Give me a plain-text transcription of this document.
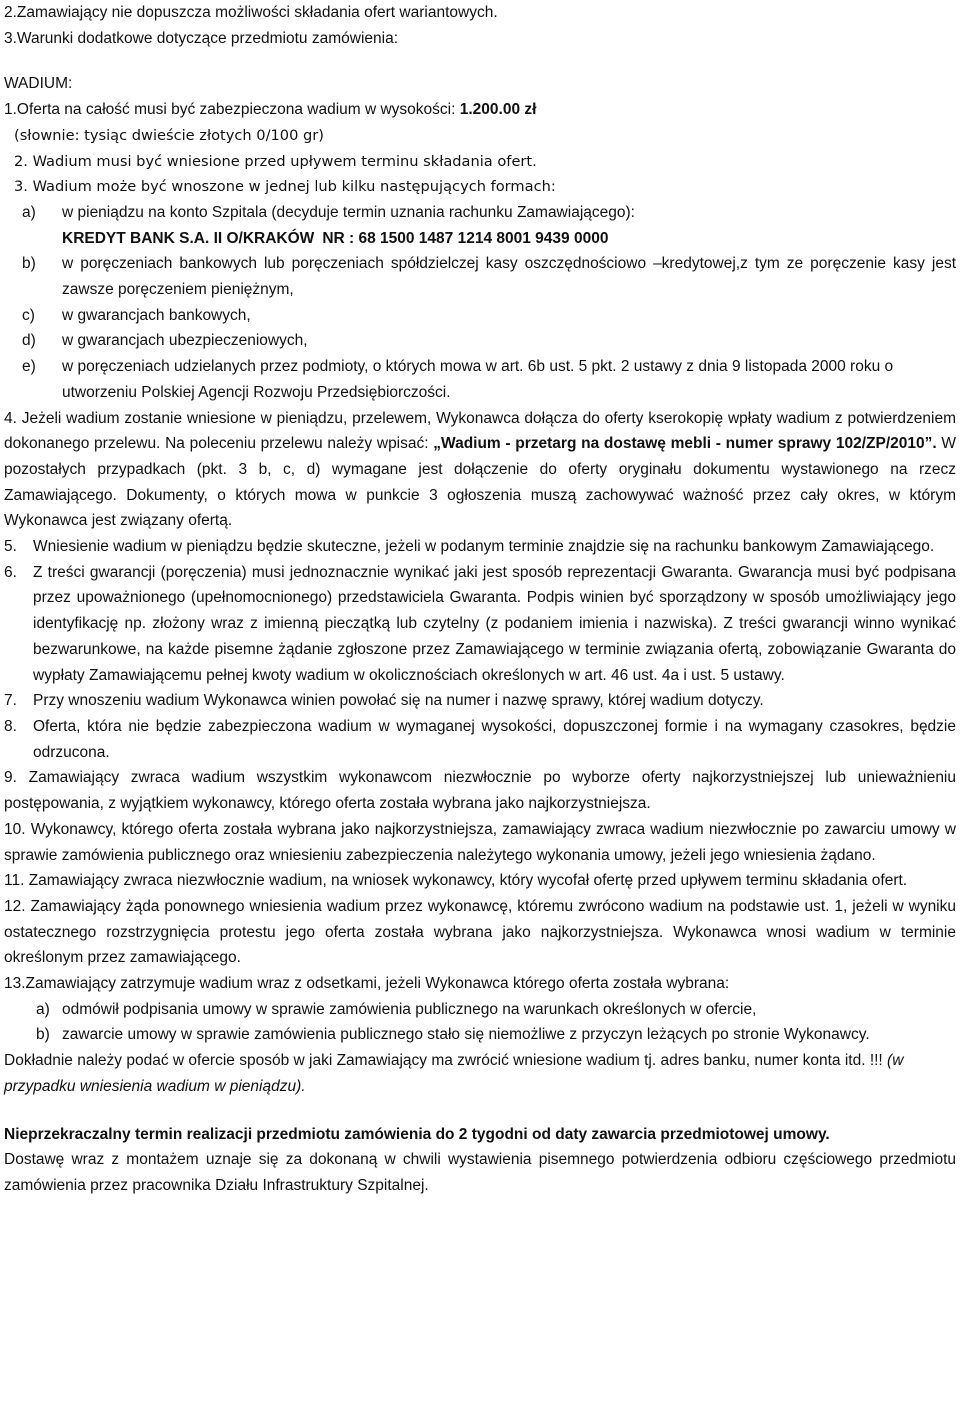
2.Zamawiający nie dopuszcza możliwości składania ofert wariantowych.

3.Warunki dodatkowe dotyczące przedmiotu zamówienia:

WADIUM:

1.Oferta na całość musi być zabezpieczona wadium w wysokości: 1.200.00 zł

(słownie: tysiąc dwieście złotych 0/100 gr)

2. Wadium musi być wniesione przed upływem terminu składania ofert.

3. Wadium może być wnoszone w jednej lub kilku następujących formach:

a)	w pieniądzu na konto Szpitala (decyduje termin uznania rachunku Zamawiającego):
KREDYT BANK S.A. II O/KRAKÓW NR : 68 1500 1487 1214 8001 9439 0000
b)	w poręczeniach bankowych lub poręczeniach spółdzielczej kasy oszczędnościowo –kredytowej,z tym ze poręczenie kasy jest zawsze poręczeniem pieniężnym,
c)	w gwarancjach bankowych,
d)	w gwarancjach ubezpieczeniowych,
e)	w poręczeniach udzielanych przez podmioty, o których mowa w art. 6b ust. 5 pkt. 2 ustawy z dnia 9 listopada 2000 roku o utworzeniu Polskiej Agencji Rozwoju Przedsiębiorczości.

4. Jeżeli wadium zostanie wniesione w pieniądzu, przelewem, Wykonawca dołącza do oferty kserokopię wpłaty wadium z potwierdzeniem dokonanego przelewu. Na poleceniu przelewu należy wpisać: „Wadium - przetarg na dostawę mebli - numer sprawy 102/ZP/2010”. W pozostałych przypadkach (pkt. 3 b, c, d) wymagane jest dołączenie do oferty oryginału dokumentu wystawionego na rzecz Zamawiającego. Dokumenty, o których mowa w punkcie 3 ogłoszenia muszą zachowywać ważność przez cały okres, w którym Wykonawca jest związany ofertą.

5.	Wniesienie wadium w pieniądzu będzie skuteczne, jeżeli w podanym terminie znajdzie się na rachunku bankowym Zamawiającego.
6.	Z treści gwarancji (poręczenia) musi jednoznacznie wynikać jaki jest sposób reprezentacji Gwaranta. Gwarancja musi być podpisana przez upoważnionego (upełnomocnionego) przedstawiciela Gwaranta. Podpis winien być sporządzony w sposób umożliwiający jego identyfikację np. złożony wraz z imienną pieczątką lub czytelny (z podaniem imienia i nazwiska). Z treści gwarancji winno wynikać bezwarunkowe, na każde pisemne żądanie zgłoszone przez Zamawiającego w terminie związania ofertą, zobowiązanie Gwaranta do wypłaty Zamawiającemu pełnej kwoty wadium w okolicznościach określonych w art. 46 ust. 4a i ust. 5 ustawy.
7.	Przy wnoszeniu wadium Wykonawca winien powołać się na numer i nazwę sprawy, której wadium dotyczy.
8.	Oferta, która nie będzie zabezpieczona wadium w wymaganej wysokości, dopuszczonej formie i na wymagany czasokres, będzie odrzucona.

9. Zamawiający zwraca wadium wszystkim wykonawcom niezwłocznie po wyborze oferty najkorzystniejszej lub unieważnieniu postępowania, z wyjątkiem wykonawcy, którego oferta została wybrana jako najkorzystniejsza.

10. Wykonawcy, którego oferta została wybrana jako najkorzystniejsza, zamawiający zwraca wadium niezwłocznie po zawarciu umowy w sprawie zamówienia publicznego oraz wniesieniu zabezpieczenia należytego wykonania umowy, jeżeli jego wniesienia żądano.

11. Zamawiający zwraca niezwłocznie wadium, na wniosek wykonawcy, który wycofał ofertę przed upływem terminu składania ofert.

12. Zamawiający żąda ponownego wniesienia wadium przez wykonawcę, któremu zwrócono wadium na podstawie ust. 1, jeżeli w wyniku ostatecznego rozstrzygnięcia protestu jego oferta została wybrana jako najkorzystniejsza. Wykonawca wnosi wadium w terminie określonym przez zamawiającego.

13.Zamawiający zatrzymuje wadium wraz z odsetkami, jeżeli Wykonawca którego oferta została wybrana:

a) odmówił podpisania umowy w sprawie zamówienia publicznego na warunkach określonych w ofercie,
b) zawarcie umowy w sprawie zamówienia publicznego stało się niemożliwe z przyczyn leżących po stronie Wykonawcy.

Dokładnie należy podać w ofercie sposób w jaki Zamawiający ma zwrócić wniesione wadium tj. adres banku, numer konta itd. !!! (w przypadku wniesienia wadium w pieniądzu).

Nieprzekraczalny termin realizacji przedmiotu zamówienia do 2 tygodni od daty zawarcia przedmiotowej umowy.

Dostawę wraz z montażem uznaje się za dokonaną w chwili wystawienia pisemnego potwierdzenia odbioru częściowego przedmiotu zamówienia przez pracownika Działu Infrastruktury Szpitalnej.
